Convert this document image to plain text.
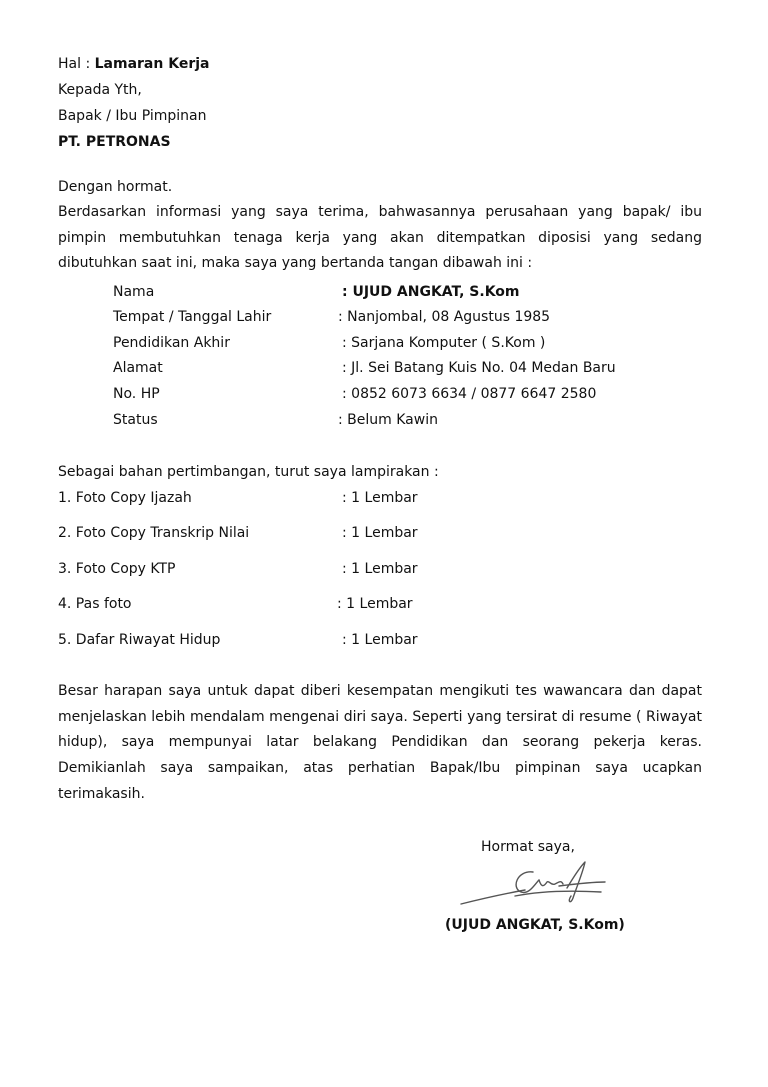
Hal : Lamaran Kerja
Kepada Yth,
Bapak / Ibu Pimpinan
PT. PETRONAS
Dengan hormat.
Berdasarkan informasi yang saya terima, bahwasannya perusahaan yang bapak/ ibu pimpin membutuhkan tenaga kerja yang akan ditempatkan diposisi yang sedang dibutuhkan saat ini, maka saya yang bertanda tangan dibawah ini :
Nama	: UJUD ANGKAT, S.Kom
Tempat / Tanggal Lahir	: Nanjombal, 08 Agustus 1985
Pendidikan Akhir	: Sarjana Komputer ( S.Kom )
Alamat	: Jl. Sei Batang Kuis No. 04 Medan Baru
No. HP	: 0852 6073 6634 / 0877 6647 2580
Status	: Belum Kawin
Sebagai bahan pertimbangan, turut saya lampirakan :
1. Foto Copy Ijazah	: 1 Lembar
2. Foto Copy Transkrip Nilai	: 1 Lembar
3. Foto Copy KTP	: 1 Lembar
4. Pas foto	: 1 Lembar
5. Dafar Riwayat Hidup	: 1 Lembar
Besar harapan saya untuk dapat diberi kesempatan mengikuti tes wawancara dan dapat menjelaskan lebih mendalam mengenai diri saya. Seperti yang tersirat di resume ( Riwayat hidup), saya mempunyai latar belakang Pendidikan dan seorang pekerja keras. Demikianlah saya sampaikan, atas perhatian Bapak/Ibu pimpinan saya ucapkan terimakasih.
Hormat saya,
(UJUD ANGKAT, S.Kom)
